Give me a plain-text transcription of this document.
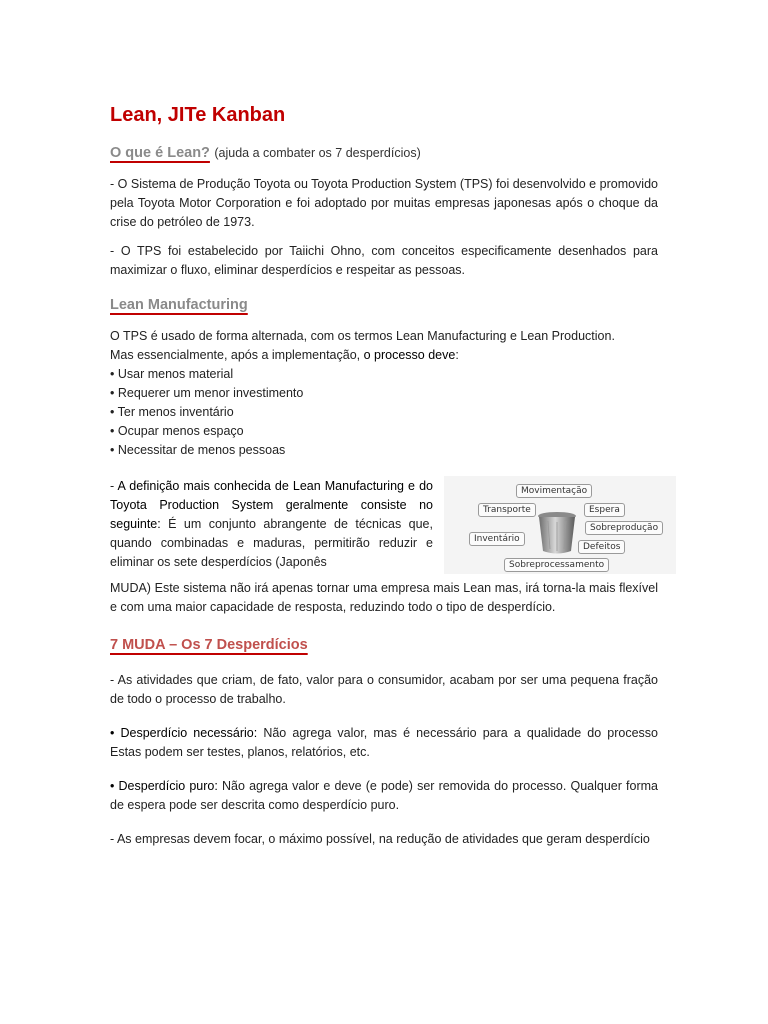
Lean, JITe Kanban
O que é Lean? (ajuda a combater os 7 desperdícios)

- O Sistema de Produção Toyota ou Toyota Production System (TPS) foi desenvolvido e promovido pela Toyota Motor Corporation e foi adoptado por muitas empresas japonesas após o choque da crise do petróleo de 1973.

- O TPS foi estabelecido por Taiichi Ohno, com conceitos especificamente desenhados para maximizar o fluxo, eliminar desperdícios e respeitar as pessoas.

Lean Manufacturing

O TPS é usado de forma alternada, com os termos Lean Manufacturing e Lean Production.

Mas essencialmente, após a implementação, o processo deve:

• Usar menos material
• Requerer um menor investimento
• Ter menos inventário
• Ocupar menos espaço
• Necessitar de menos pessoas

- A definição mais conhecida de Lean Manufacturing e do Toyota Production System geralmente consiste no seguinte: É um conjunto abrangente de técnicas que, quando combinadas e maduras, permitirão reduzir e eliminar os sete desperdícios (Japonês

MUDA) Este sistema não irá apenas tornar uma empresa mais Lean mas, irá torna-la mais flexível e com uma maior capacidade de resposta, reduzindo todo o tipo de desperdício.

7 MUDA – Os 7 Desperdícios

- As atividades que criam, de fato, valor para o consumidor, acabam por ser uma pequena fração de todo o processo de trabalho.

• Desperdício necessário: Não agrega valor, mas é necessário para a qualidade do processo Estas podem ser testes, planos, relatórios, etc.

• Desperdício puro: Não agrega valor e deve (e pode) ser removida do processo. Qualquer forma de espera pode ser descrita como desperdício puro.

- As empresas devem focar, o máximo possível, na redução de atividades que geram desperdício

Movimentação
Transporte	Espera
Sobreprodução
Inventário
Defeitos
Sobreprocessamento
